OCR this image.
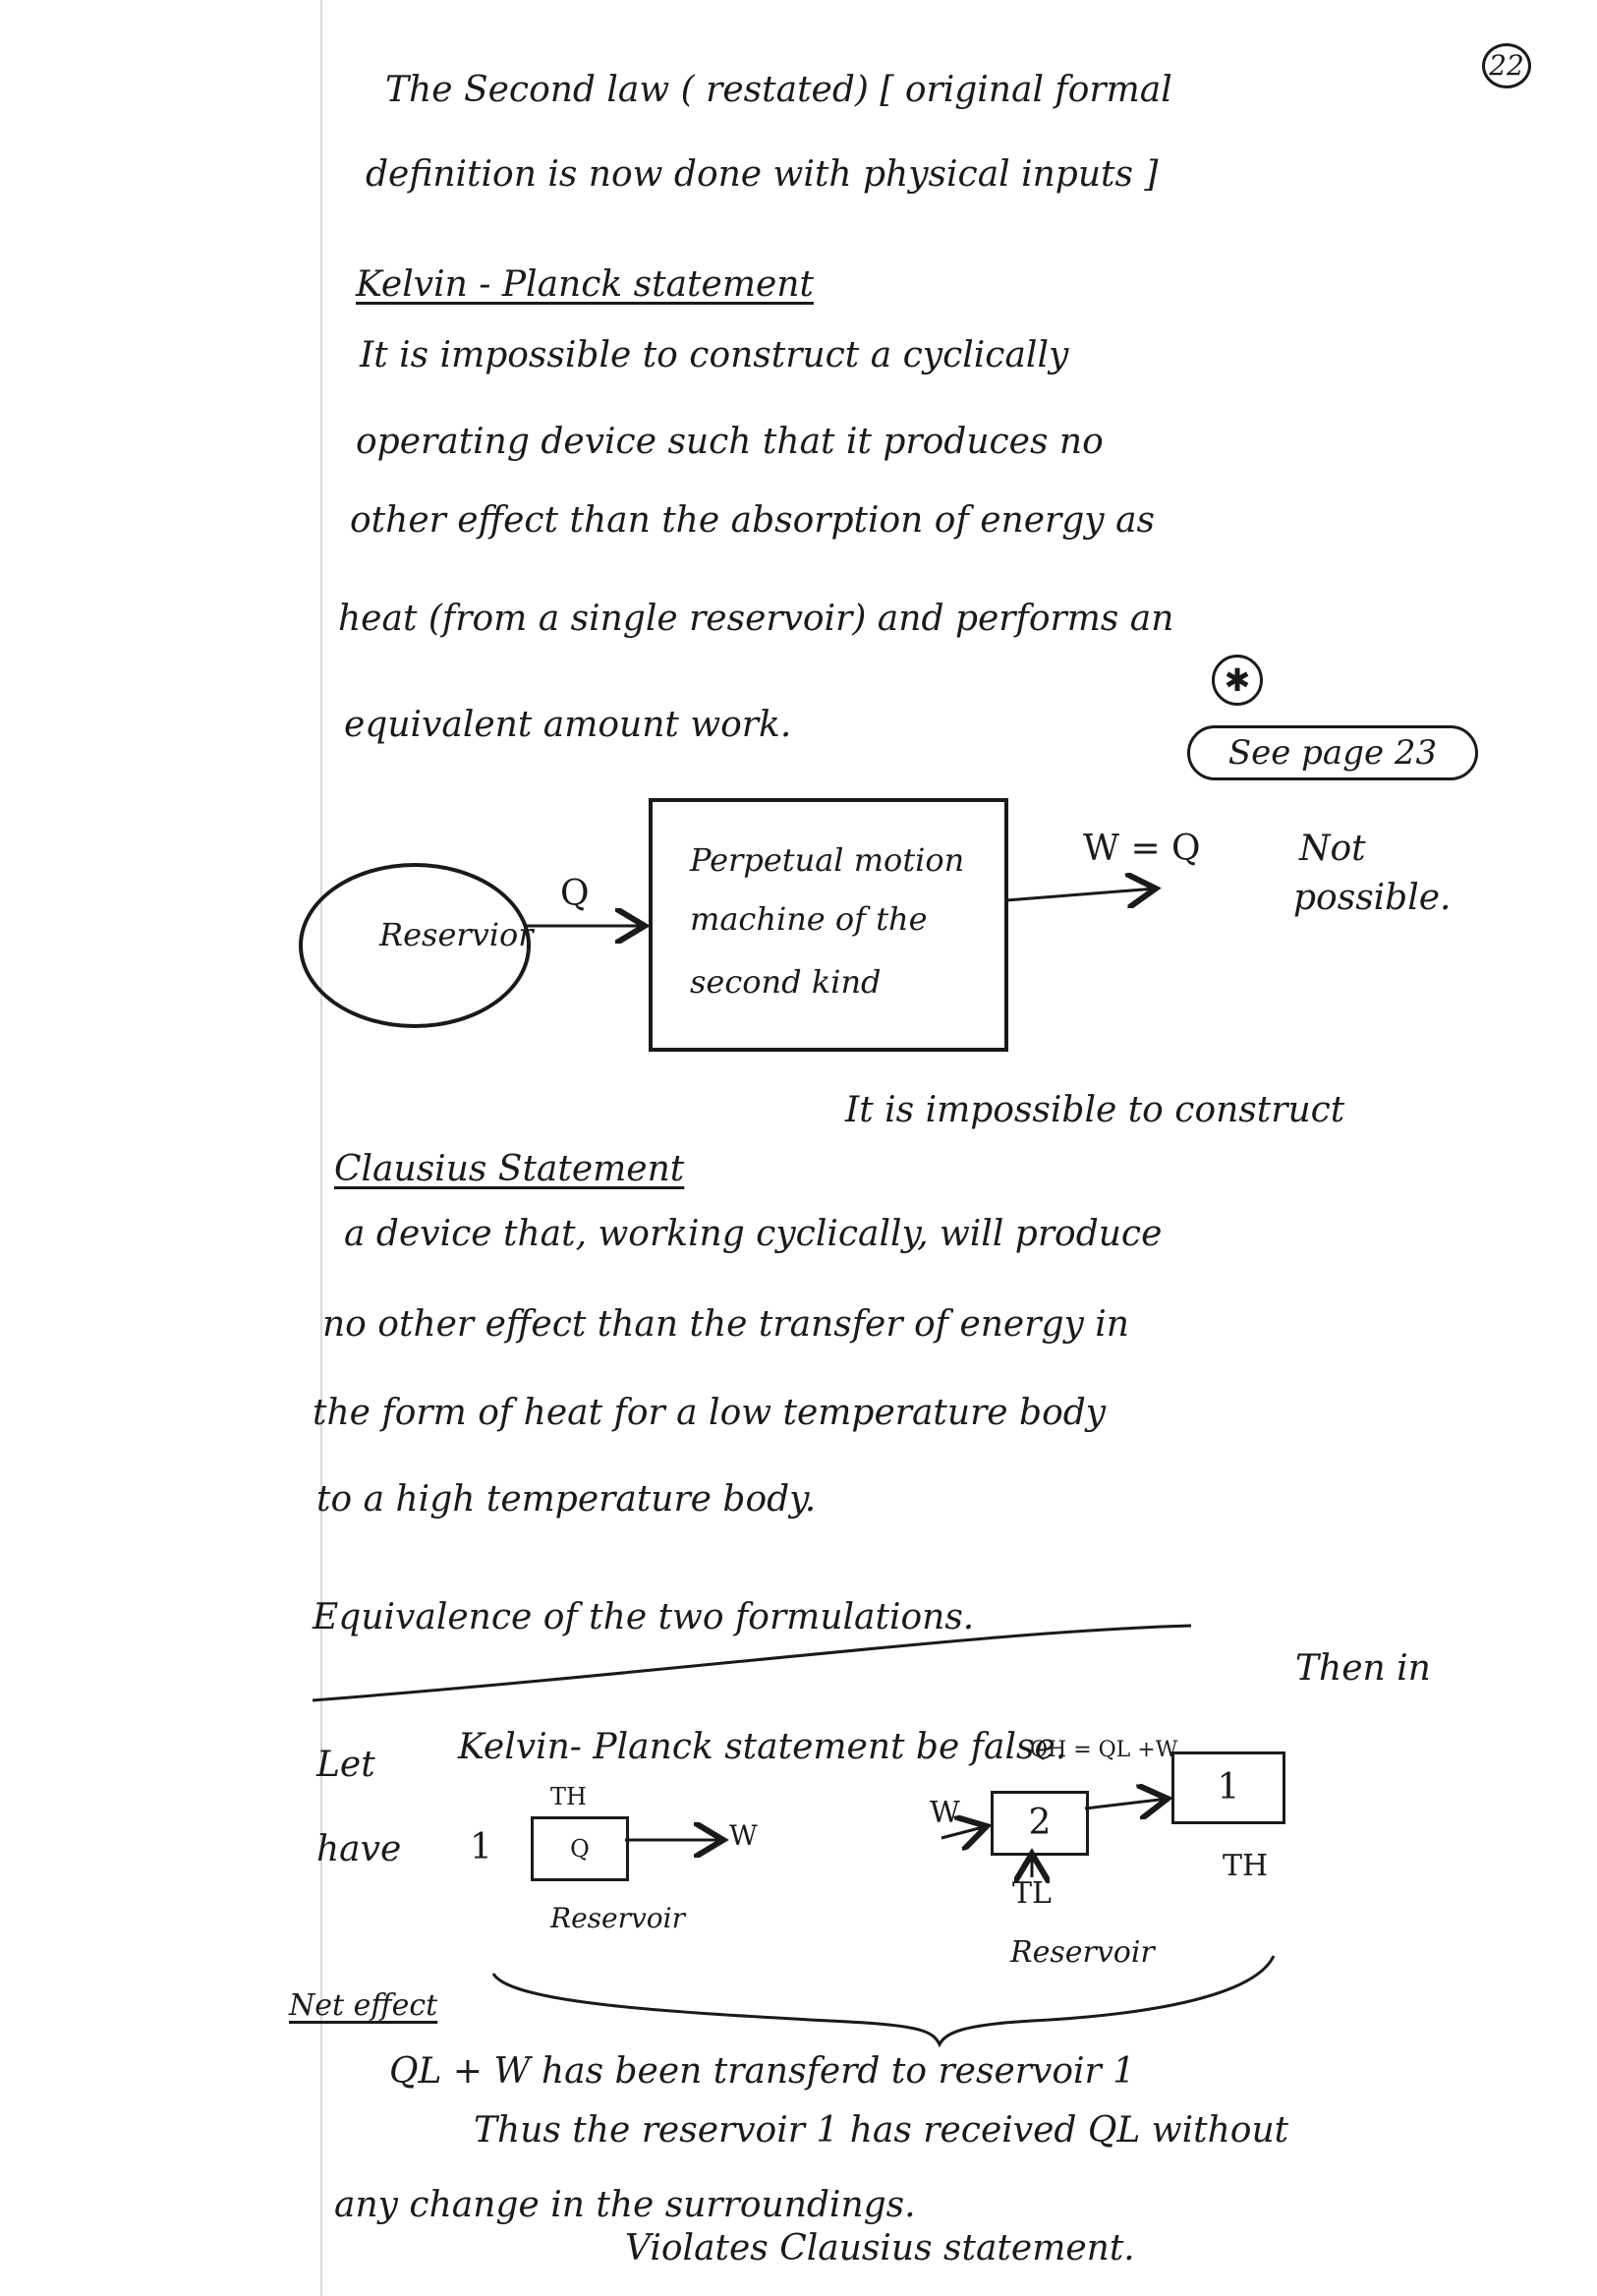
22
The Second law ( restated) [ original formal
definition is now done with physical inputs ]
Kelvin - Planck statement
It is impossible to construct a cyclically
operating device such that it produces no
other effect than the absorption of energy as
heat (from a single reservoir) and performs an
equivalent amount work.
✱
See page 23
Reservior
Q
Perpetual motion
machine of the
second kind
W = Q	Not
possible.
Clausius Statement
It is impossible to construct
a device that, working cyclically, will produce
no other effect than the transfer of energy in
the form of heat for a low temperature body
to a high temperature body.
Equivalence of the two formulations.
Then in
Let Kelvin- Planck statement be false.
have 1
TH
Q	W
Reservoir
QH = QL +W
W	2
1
TL
TH
Reservoir
Net effect
QL + W has been transferd to reservoir 1
Thus the reservoir 1 has received QL without
any change in the surroundings.
Violates Clausius statement.
